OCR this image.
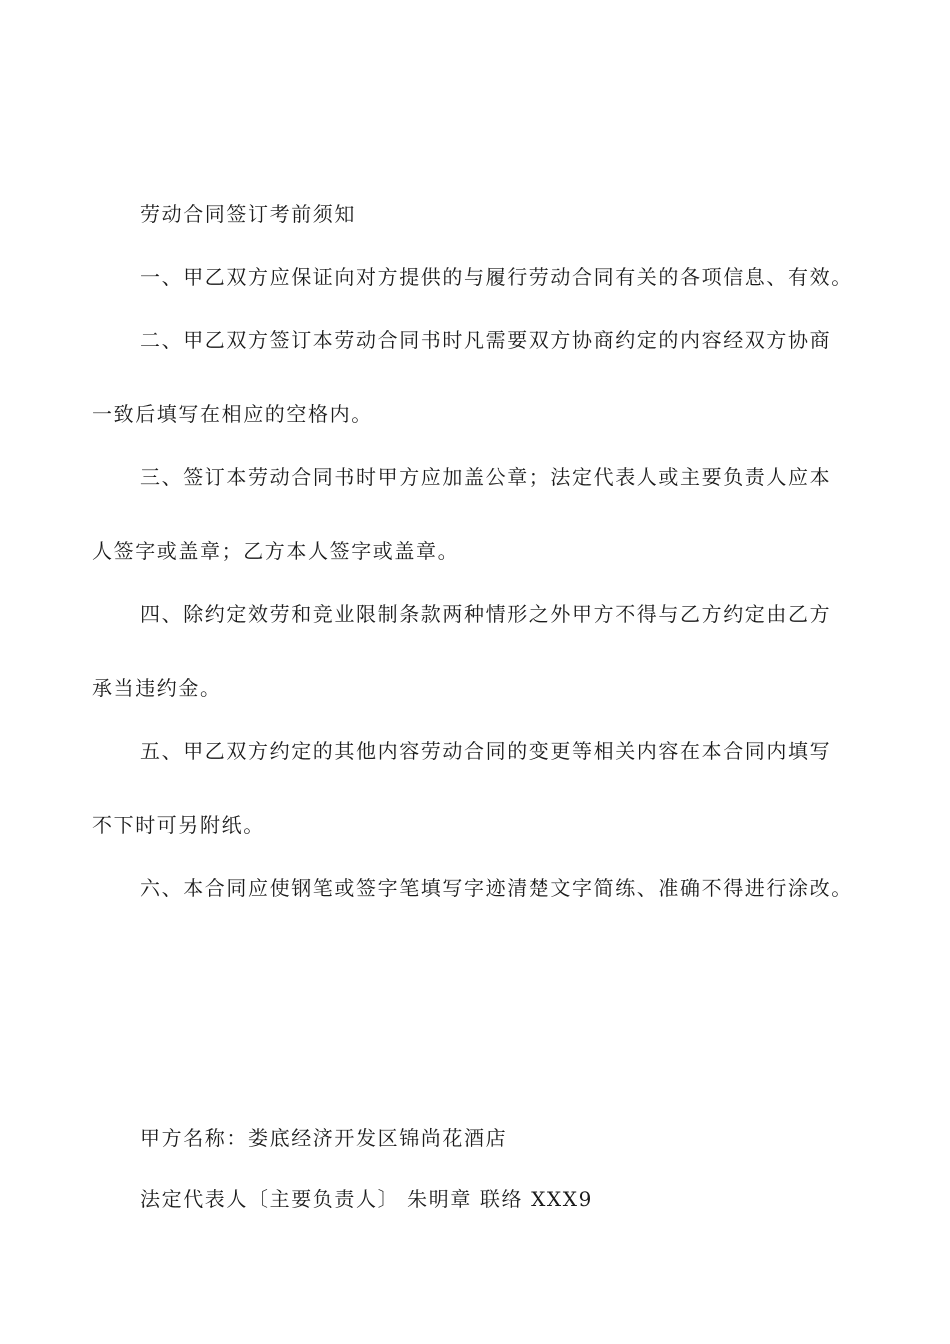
劳动合同签订考前须知
一、甲乙双方应保证向对方提供的与履行劳动合同有关的各项信息、有效。
二、甲乙双方签订本劳动合同书时凡需要双方协商约定的内容经双方协商
一致后填写在相应的空格内。
三、签订本劳动合同书时甲方应加盖公章；法定代表人或主要负责人应本
人签字或盖章；乙方本人签字或盖章。
四、除约定效劳和竞业限制条款两种情形之外甲方不得与乙方约定由乙方
承当违约金。
五、甲乙双方约定的其他内容劳动合同的变更等相关内容在本合同内填写
不下时可另附纸。
六、本合同应使钢笔或签字笔填写字迹清楚文字简练、准确不得进行涂改。
甲方名称：娄底经济开发区锦尚花酒店
法定代表人〔主要负责人〕 朱明章 联络 XXX9
